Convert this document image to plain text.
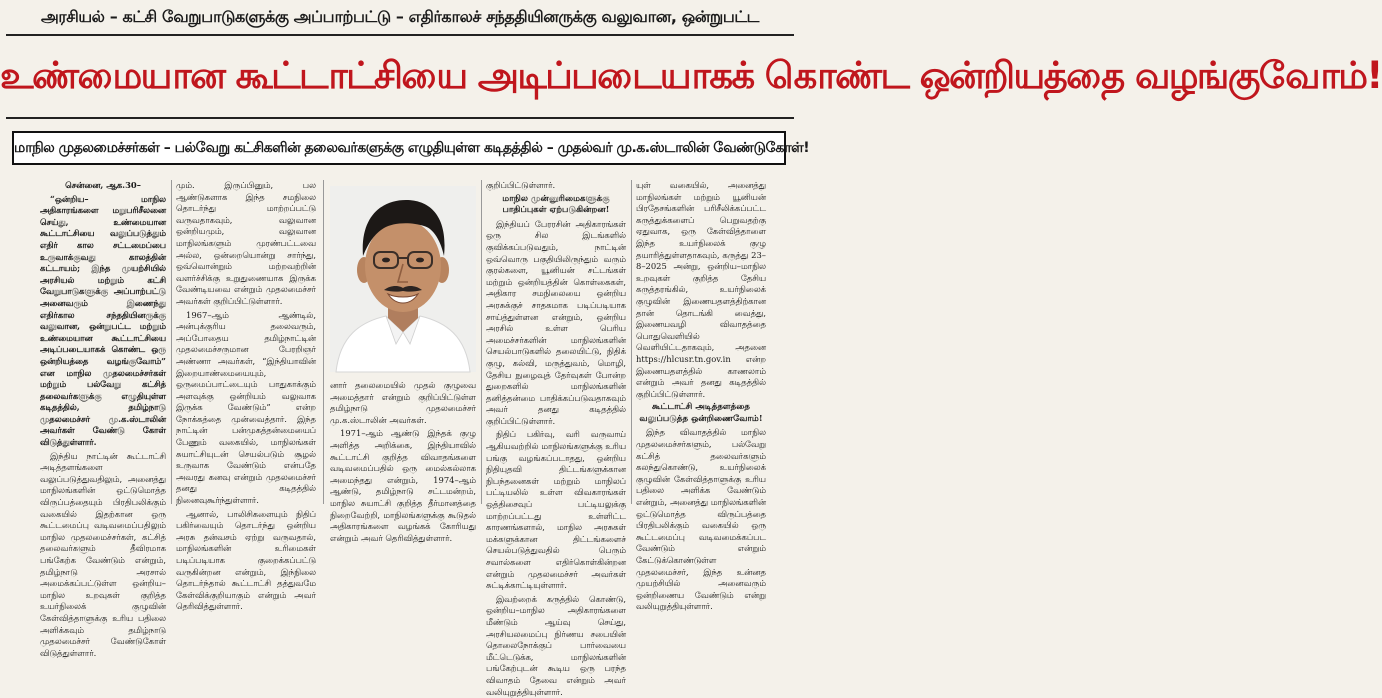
அரசியல் – கட்சி வேறுபாடுகளுக்கு அப்பாற்பட்டு – எதிர்காலச் சந்ததியினருக்கு வலுவான, ஒன்றுபட்ட
உண்மையான கூட்டாட்சியை அடிப்படையாகக் கொண்ட ஒன்றியத்தை வழங்குவோம்!
மாநில முதலமைச்சர்கள் – பல்வேறு கட்சிகளின் தலைவர்களுக்கு எழுதியுள்ள கடிதத்தில் – முதல்வர் மு.க.ஸ்டாலின் வேண்டுகோள்!

சென்னை, ஆக.30–

“ஒன்றிய– மாநில அதிகாரங்களை மறுபரிசீலனை செய்து, உண்மையான கூட்டாட்சியை வலுப்படுத்தும் எதிர் கால சட்டமைப்பை உருவாக்குவது காலத்தின் கட்டாயம்; இந்த முயற்சியில் அரசியல் மற்றும் கட்சி வேறுபாடுகளுக்கு அப்பாற்பட்டு அனைவரும் இணைந்து எதிர்கால சந்ததியினருக்கு வலுவான, ஒன்றுபட்ட மற்றும் உண்மையான கூட்டாட்சியை அடிப்படையாகக் கொண்ட ஒரு ஒன்றியத்தை வழங்குவோம்” என மாநில முதலமைச்சர்கள் மற்றும் பல்வேறு கட்சித் தலைவர்களுக்கு எழுதியுள்ள கடிதத்தில், தமிழ்நாடு முதலமைச்சர் மு.க.ஸ்டாலின் அவர்கள் வேண்டு கோள் விடுத்துள்ளார்.

இந்திய நாட்டின் கூட்டாட்சி அடித்தளங்களை வலுப்படுத்துவதிலும், அனைத்து மாநிலங்களின் ஒட்டுமொத்த விருப்பத்தையும் பிரதிபலிக்கும் வகையில் இதற்கான ஒரு கூட்டமைப்பு வடிவமைப்பதிலும் மாநில முதலமைச்சர்கள், கட்சித் தலைவர்களும் தீவிரமாக பங்கேற்க வேண்டும் என்றும், தமிழ்நாடு அரசால் அமைக்கப்பட்டுள்ள ஒன்றிய–மாநில உறவுகள் குறித்த உயர்நிலைக் குழுவின் கேள்வித்தாளுக்கு உரிய பதிலை அளிக்கவும் தமிழ்நாடு முதலமைச்சர் வேண்டுகோள் விடுத்துள்ளார்.

மும். இருப்பினும், பல ஆண்டுகளாக இந்த சமநிலை தொடர்ந்து மாற்றப்பட்டு வருவதாகவும், வலுவான ஒன்றியமும், வலுவான மாநிலங்களும் முரண்பட்டவை அல்ல, ஒன்றையொன்று சார்ந்து, ஒவ்வொன்றும் மற்றவற்றின் வளர்ச்சிக்கு உறுதுணையாக இருக்க வேண்டியவை என்றும் முதலமைச்சர் அவர்கள் குறிப்பிட்டுள்ளார்.

1967–ஆம் ஆண்டில், அன்புக்குரிய தலைவரும், அப்போதைய தமிழ்நாட்டின் முதலமைச்சருமான பேரறிஞர் அண்ணா அவர்கள், “இந்தியாவின் இறையாண்மையையும், ஒருமைப்பாட்டையும் பாதுகாக்கும் அளவுக்கு ஒன்றியம் வலுவாக இருக்க வேண்டும்” என்ற நோக்கத்தை முன்வைத்தார். இந்த நாட்டின் பன்முகத்தன்மையைப் பேணும் வகையில், மாநிலங்கள் சுயாட்சியுடன் செயல்படும் சூழல் உருவாக வேண்டும் என்பதே அவரது கனவு என்றும் முதலமைச்சர் தனது கடிதத்தில் நினைவுகூர்ந்துள்ளார்.

ஆனால், பாலிசிகளையும் நிதிப் பகிர்வையும் தொடர்ந்து ஒன்றிய அரசு தன்வசம் ஏற்று வருவதால், மாநிலங்களின் உரிமைகள் படிப்படியாக குறைக்கப்பட்டு வருகின்றன என்றும், இந்நிலை தொடர்ந்தால் கூட்டாட்சி தத்துவமே கேள்விக்குறியாகும் என்றும் அவர் தெரிவித்துள்ளார்.

னார் தலைமையில் முதல் குழுவை அமைத்தார் என்றும் குறிப்பிட்டுள்ள தமிழ்நாடு முதலமைச்சர் மு.க.ஸ்டாலின் அவர்கள்.

1971–ஆம் ஆண்டு இந்தக் குழு அளித்த அறிக்கை, இந்தியாவில் கூட்டாட்சி குறித்த விவாதங்களை வடிவமைப்பதில் ஒரு மைல்கல்லாக அமைந்தது என்றும், 1974–ஆம் ஆண்டு, தமிழ்நாடு சட்டமன்றம், மாநில சுயாட்சி குறித்த தீர்மானத்தை நிறைவேற்றி, மாநிலங்களுக்கு கூடுதல் அதிகாரங்களை வழங்கக் கோரியது என்றும் அவர் தெரிவித்துள்ளார்.

குறிப்பிட்டுள்ளார்.

மாநில முன்னுரிமைகளுக்கு பாதிப்புகள் ஏற்படுகின்றன!

இந்தியப் பேரரசின் அதிகாரங்கள் ஒரு சில இடங்களில் குவிக்கப்படுவதும், நாட்டின் ஒவ்வொரு பகுதியிலிருந்தும் வரும் குரல்களை, யூனியன் சட்டங்கள் மற்றும் ஒன்றியத்தின் கொள்கைகள், அதிகார சமநிலையை ஒன்றிய அரசுக்குச் சாதகமாக படிப்படியாக சாய்த்துள்ளன என்றும், ஒன்றிய அரசில் உள்ள பெரிய அமைச்சர்களின் மாநிலங்களின் செயல்பாடுகளில் தலையிட்டு, நிதிக் குழு, கல்வி, மருத்துவம், மொழி, தேசிய நுழைவுத் தேர்வுகள் போன்ற துறைகளில் மாநிலங்களின் தனித்தன்மை பாதிக்கப்படுவதாகவும் அவர் தனது கடிதத்தில் குறிப்பிட்டுள்ளார்.

நிதிப் பகிர்வு, வரி வருவாய் ஆகியவற்றில் மாநிலங்களுக்கு உரிய பங்கு வழங்கப்படாதது, ஒன்றிய நிதியுதவி திட்டங்களுக்கான நிபந்தனைகள் மற்றும் மாநிலப் பட்டியலில் உள்ள விவகாரங்கள் ஒத்திசைவுப் பட்டியலுக்கு மாற்றப்பட்டது உள்ளிட்ட காரணங்களால், மாநில அரசுகள் மக்களுக்கான திட்டங்களைச் செயல்படுத்துவதில் பெரும் சவால்களை எதிர்கொள்கின்றன என்றும் முதலமைச்சர் அவர்கள் சுட்டிக்காட்டியுள்ளார்.

இவற்றைக் கருத்தில் கொண்டு, ஒன்றிய–மாநில அதிகாரங்களை மீண்டும் ஆய்வு செய்து, அரசியலமைப்பு நிர்ணய சபையின் தொலைநோக்குப் பார்வையை மீட்டெடுக்க, மாநிலங்களின் பங்கேற்புடன் கூடிய ஒரு பரந்த விவாதம் தேவை என்றும் அவர் வலியுறுத்தியுள்ளார்.

யுள் வகையில், அனைத்து மாநிலங்கள் மற்றும் யூனியன் பிரதேசங்களின் பரிசீலிக்கப்பட்ட கருத்துக்களைப் பெறுவதற்கு ஏதுவாக, ஒரு கேள்வித்தாளை இந்த உயர்நிலைக் குழு தயாரித்துள்ளதாகவும், கருத்து 23–8–2025 அன்று, ஒன்றிய–மாநில உறவுகள் குறித்த தேசிய கருத்தரங்கில், உயர்நிலைக் குழுவின் இணையதளத்திற்கான தான் தொடங்கி வைத்து, இணையவழி விவாதத்தை பொதுவெளியில் வெளியிட்டதாகவும், அதனை https://hlcusr.tn.gov.in என்ற இணையதளத்தில் காணலாம் என்றும் அவர் தனது கடிதத்தில் குறிப்பிட்டுள்ளார்.

கூட்டாட்சி அடித்தளத்தை வலுப்படுத்த ஒன்றிணைவோம்!

இந்த விவாதத்தில் மாநில முதலமைச்சர்களும், பல்வேறு கட்சித் தலைவர்களும் கலந்துகொண்டு, உயர்நிலைக் குழுவின் கேள்வித்தாளுக்கு உரிய பதிலை அளிக்க வேண்டும் என்றும், அனைத்து மாநிலங்களின் ஒட்டுமொத்த விருப்பத்தை பிரதிபலிக்கும் வகையில் ஒரு கூட்டமைப்பு வடிவமைக்கப்பட வேண்டும் என்றும் கேட்டுக்கொண்டுள்ள முதலமைச்சர், இந்த உன்னத முயற்சியில் அனைவரும் ஒன்றிணைய வேண்டும் என்று வலியுறுத்தியுள்ளார்.
